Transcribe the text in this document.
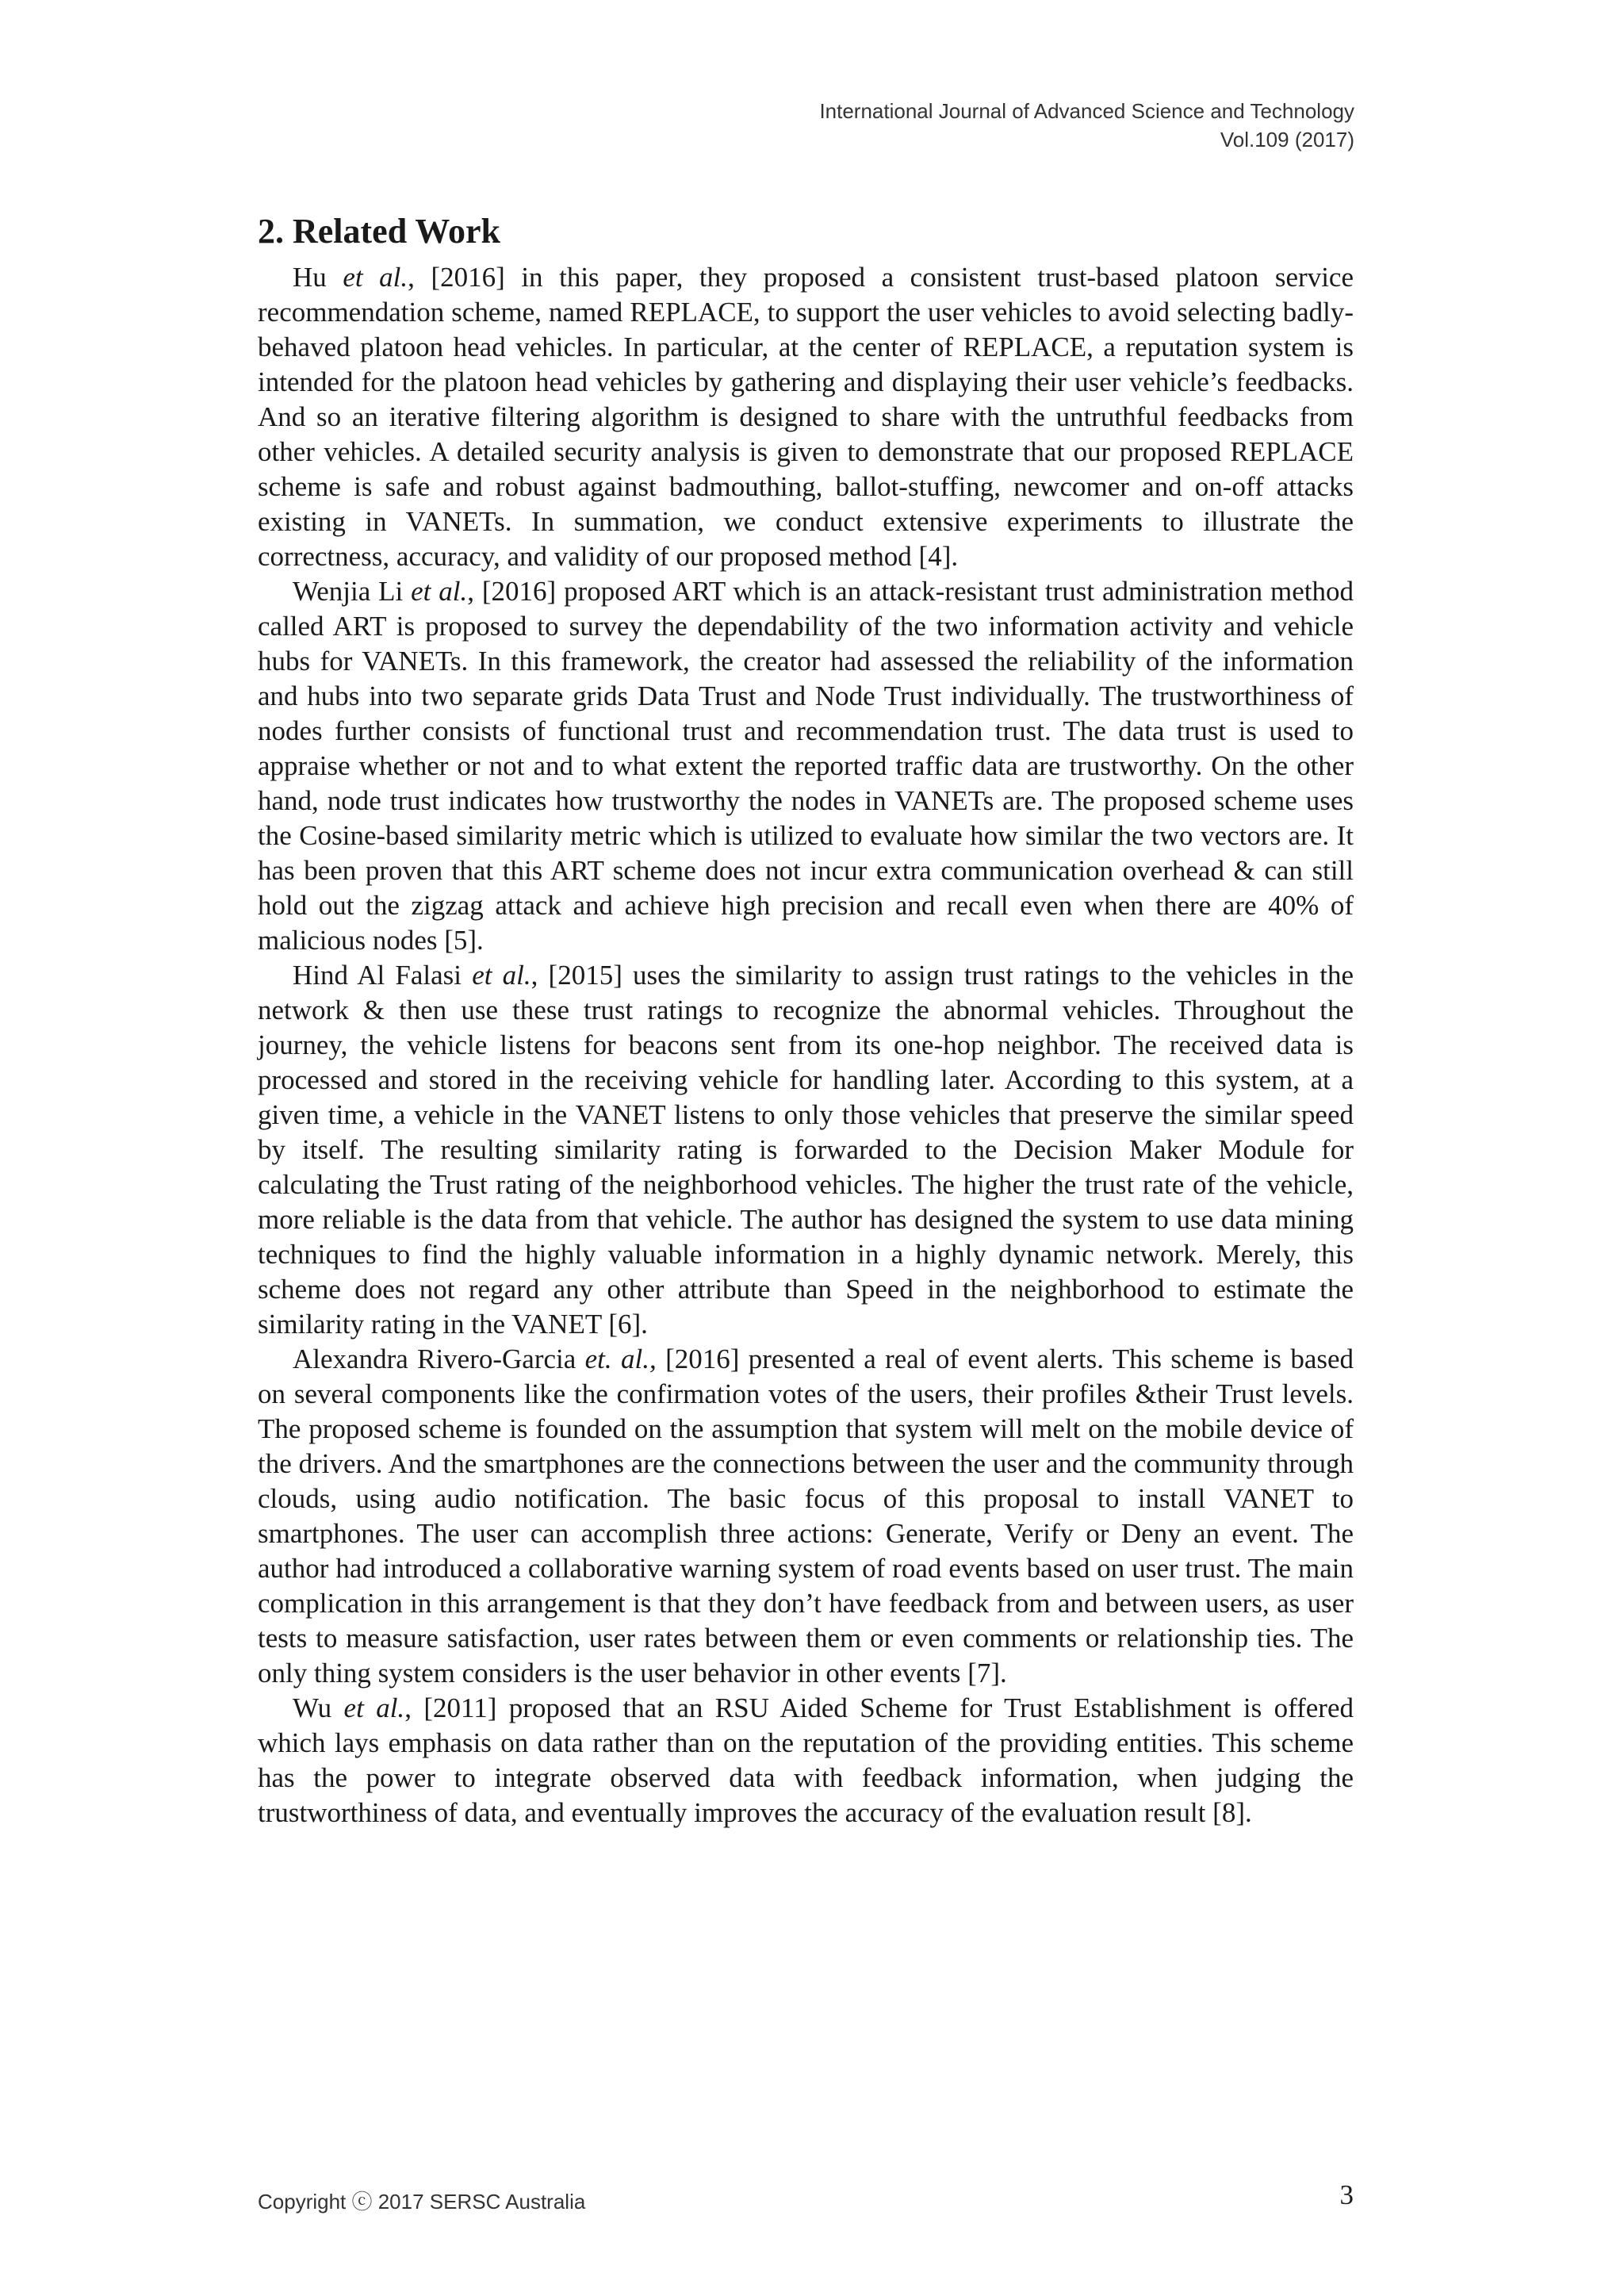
International Journal of Advanced Science and Technology
Vol.109 (2017)
2. Related Work

Hu et al., [2016] in this paper, they proposed a consistent trust-based platoon service recommendation scheme, named REPLACE, to support the user vehicles to avoid selecting badly-behaved platoon head vehicles. In particular, at the center of REPLACE, a reputation system is intended for the platoon head vehicles by gathering and displaying their user vehicle’s feedbacks. And so an iterative filtering algorithm is designed to share with the untruthful feedbacks from other vehicles. A detailed security analysis is given to demonstrate that our proposed REPLACE scheme is safe and robust against badmouthing, ballot-stuffing, newcomer and on-off attacks existing in VANETs. In summation, we conduct extensive experiments to illustrate the correctness, accuracy, and validity of our proposed method [4].

Wenjia Li et al., [2016] proposed ART which is an attack-resistant trust administration method called ART is proposed to survey the dependability of the two information activity and vehicle hubs for VANETs. In this framework, the creator had assessed the reliability of the information and hubs into two separate grids Data Trust and Node Trust individually. The trustworthiness of nodes further consists of functional trust and recommendation trust. The data trust is used to appraise whether or not and to what extent the reported traffic data are trustworthy. On the other hand, node trust indicates how trustworthy the nodes in VANETs are. The proposed scheme uses the Cosine-based similarity metric which is utilized to evaluate how similar the two vectors are. It has been proven that this ART scheme does not incur extra communication overhead & can still hold out the zigzag attack and achieve high precision and recall even when there are 40% of malicious nodes [5].

Hind Al Falasi et al., [2015] uses the similarity to assign trust ratings to the vehicles in the network & then use these trust ratings to recognize the abnormal vehicles. Throughout the journey, the vehicle listens for beacons sent from its one-hop neighbor. The received data is processed and stored in the receiving vehicle for handling later. According to this system, at a given time, a vehicle in the VANET listens to only those vehicles that preserve the similar speed by itself. The resulting similarity rating is forwarded to the Decision Maker Module for calculating the Trust rating of the neighborhood vehicles. The higher the trust rate of the vehicle, more reliable is the data from that vehicle. The author has designed the system to use data mining techniques to find the highly valuable information in a highly dynamic network. Merely, this scheme does not regard any other attribute than Speed in the neighborhood to estimate the similarity rating in the VANET [6].

Alexandra Rivero-Garcia et. al., [2016] presented a real of event alerts. This scheme is based on several components like the confirmation votes of the users, their profiles &their Trust levels. The proposed scheme is founded on the assumption that system will melt on the mobile device of the drivers. And the smartphones are the connections between the user and the community through clouds, using audio notification. The basic focus of this proposal to install VANET to smartphones. The user can accomplish three actions: Generate, Verify or Deny an event. The author had introduced a collaborative warning system of road events based on user trust. The main complication in this arrangement is that they don’t have feedback from and between users, as user tests to measure satisfaction, user rates between them or even comments or relationship ties. The only thing system considers is the user behavior in other events [7].

Wu et al., [2011] proposed that an RSU Aided Scheme for Trust Establishment is offered which lays emphasis on data rather than on the reputation of the providing entities. This scheme has the power to integrate observed data with feedback information, when judging the trustworthiness of data, and eventually improves the accuracy of the evaluation result [8].

Copyright ⓒ 2017 SERSC Australia	3
